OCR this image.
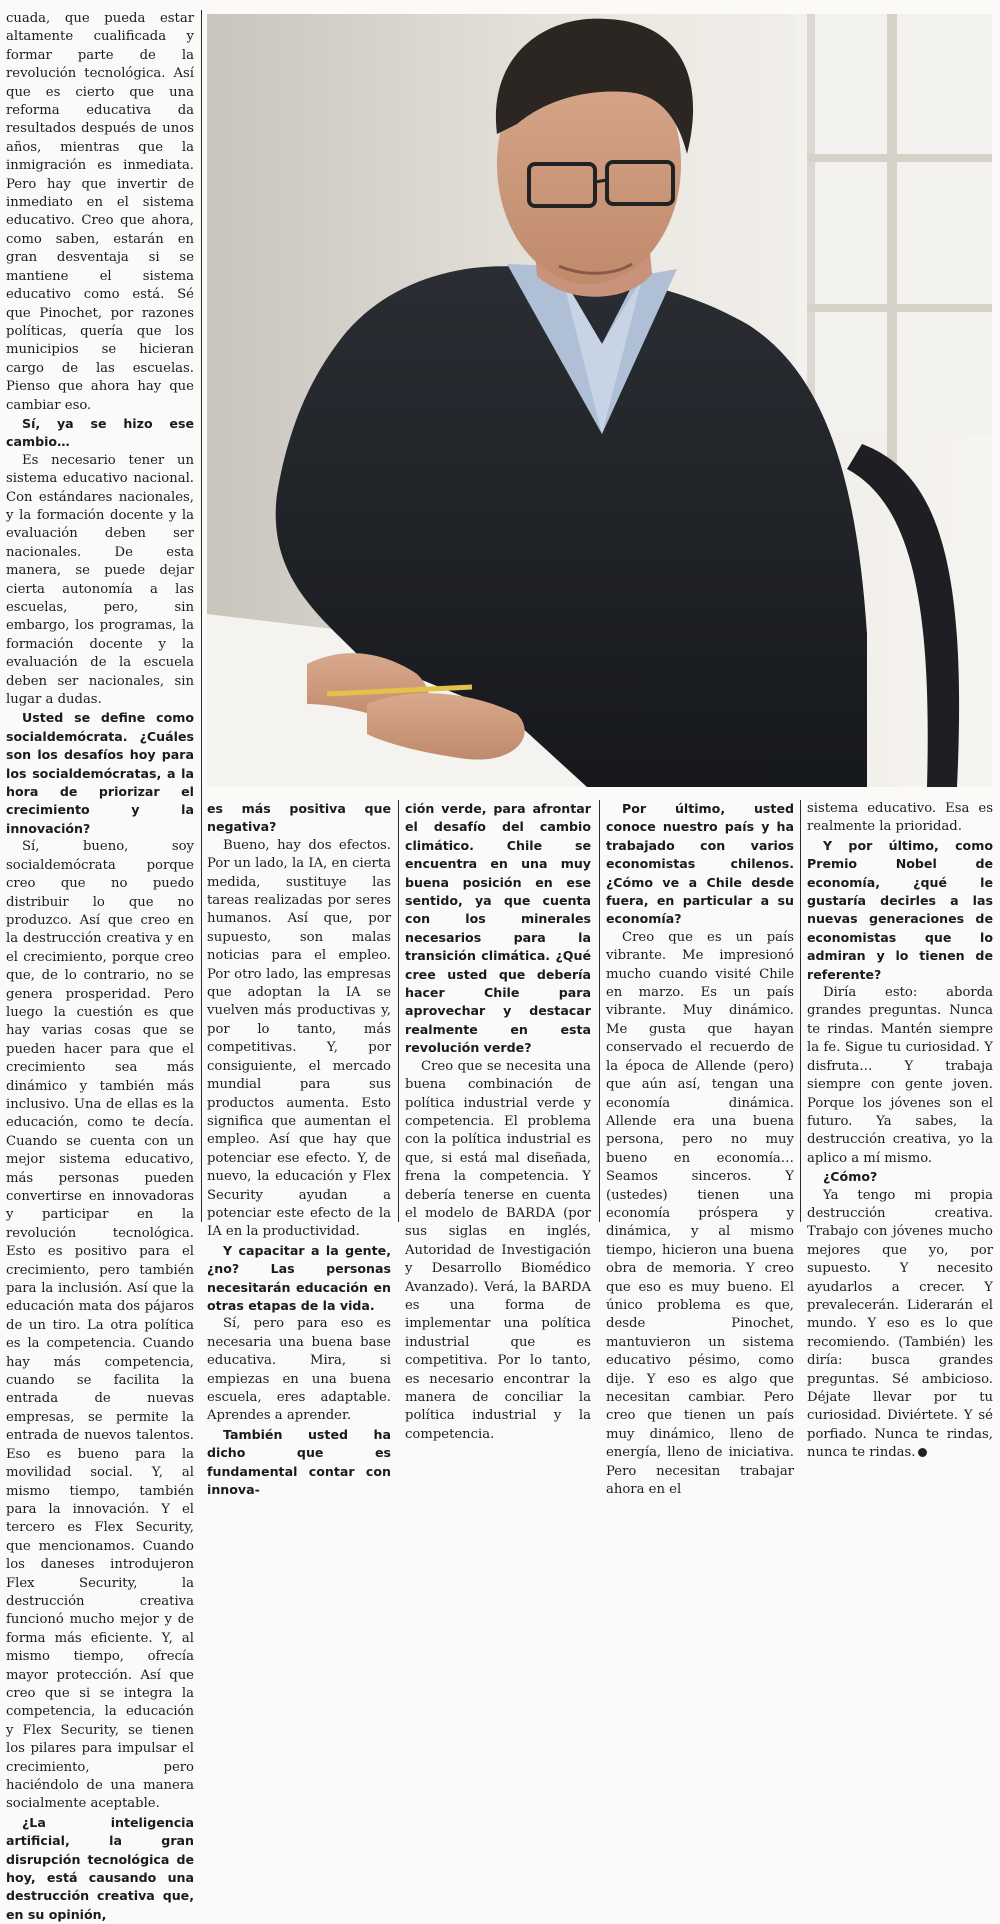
cuada, que pueda estar altamente cualificada y formar parte de la revolución tecnológica. Así que es cierto que una reforma educativa da resultados después de unos años, mientras que la inmigración es inmediata. Pero hay que invertir de inmediato en el sistema educativo. Creo que ahora, como saben, estarán en gran desventaja si se mantiene el sistema educativo como está. Sé que Pinochet, por razones políticas, quería que los municipios se hicieran cargo de las escuelas. Pienso que ahora hay que cambiar eso.

Sí, ya se hizo ese cambio…

Es necesario tener un sistema educativo nacional. Con estándares nacionales, y la formación docente y la evaluación deben ser nacionales. De esta manera, se puede dejar cierta autonomía a las escuelas, pero, sin embargo, los programas, la formación docente y la evaluación de la escuela deben ser nacionales, sin lugar a dudas.

Usted se define como socialdemócrata. ¿Cuáles son los desafíos hoy para los socialdemócratas, a la hora de priorizar el crecimiento y la innovación?

Sí, bueno, soy socialdemócrata porque creo que no puedo distribuir lo que no produzco. Así que creo en la destrucción creativa y en el crecimiento, porque creo que, de lo contrario, no se genera prosperidad. Pero luego la cuestión es que hay varias cosas que se pueden hacer para que el crecimiento sea más dinámico y también más inclusivo. Una de ellas es la educación, como te decía. Cuando se cuenta con un mejor sistema educativo, más personas pueden convertirse en innovadoras y participar en la revolución tecnológica. Esto es positivo para el crecimiento, pero también para la inclusión. Así que la educación mata dos pájaros de un tiro. La otra política es la competencia. Cuando hay más competencia, cuando se facilita la entrada de nuevas empresas, se permite la entrada de nuevos talentos. Eso es bueno para la movilidad social. Y, al mismo tiempo, también para la innovación. Y el tercero es Flex Security, que mencionamos. Cuando los daneses introdujeron Flex Security, la destrucción creativa funcionó mucho mejor y de forma más eficiente. Y, al mismo tiempo, ofrecía mayor protección. Así que creo que si se integra la competencia, la educación y Flex Security, se tienen los pilares para impulsar el crecimiento, pero haciéndolo de una manera socialmente aceptable.

¿La inteligencia artificial, la gran disrupción tecnológica de hoy, está causando una destrucción creativa que, en su opinión,

es más positiva que negativa?

Bueno, hay dos efectos. Por un lado, la IA, en cierta medida, sustituye las tareas realizadas por seres humanos. Así que, por supuesto, son malas noticias para el empleo. Por otro lado, las empresas que adoptan la IA se vuelven más productivas y, por lo tanto, más competitivas. Y, por consiguiente, el mercado mundial para sus productos aumenta. Esto significa que aumentan el empleo. Así que hay que potenciar ese efecto. Y, de nuevo, la educación y Flex Security ayudan a potenciar este efecto de la IA en la productividad.

Y capacitar a la gente, ¿no? Las personas necesitarán educación en otras etapas de la vida.

Sí, pero para eso es necesaria una buena base educativa. Mira, si empiezas en una buena escuela, eres adaptable. Aprendes a aprender.

También usted ha dicho que es fundamental contar con innova-

ción verde, para afrontar el desafío del cambio climático. Chile se encuentra en una muy buena posición en ese sentido, ya que cuenta con los minerales necesarios para la transición climática. ¿Qué cree usted que debería hacer Chile para aprovechar y destacar realmente en esta revolución verde?

Creo que se necesita una buena combinación de política industrial verde y competencia. El problema con la política industrial es que, si está mal diseñada, frena la competencia. Y debería tenerse en cuenta el modelo de BARDA (por sus siglas en inglés, Autoridad de Investigación y Desarrollo Biomédico Avanzado). Verá, la BARDA es una forma de implementar una política industrial que es competitiva. Por lo tanto, es necesario encontrar la manera de conciliar la política industrial y la competencia.

Por último, usted conoce nuestro país y ha trabajado con varios economistas chilenos. ¿Cómo ve a Chile desde fuera, en particular a su economía?

Creo que es un país vibrante. Me impresionó mucho cuando visité Chile en marzo. Es un país vibrante. Muy dinámico. Me gusta que hayan conservado el recuerdo de la época de Allende (pero) que aún así, tengan una economía dinámica. Allende era una buena persona, pero no muy bueno en economía… Seamos sinceros. Y (ustedes) tienen una economía próspera y dinámica, y al mismo tiempo, hicieron una buena obra de memoria. Y creo que eso es muy bueno. El único problema es que, desde Pinochet, mantuvieron un sistema educativo pésimo, como dije. Y eso es algo que necesitan cambiar. Pero creo que tienen un país muy dinámico, lleno de energía, lleno de iniciativa. Pero necesitan trabajar ahora en el

sistema educativo. Esa es realmente la prioridad.

Y por último, como Premio Nobel de economía, ¿qué le gustaría decirles a las nuevas generaciones de economistas que lo admiran y lo tienen de referente?

Diría esto: aborda grandes preguntas. Nunca te rindas. Mantén siempre la fe. Sigue tu curiosidad. Y disfruta… Y trabaja siempre con gente joven. Porque los jóvenes son el futuro. Ya sabes, la destrucción creativa, yo la aplico a mí mismo.

¿Cómo?

Ya tengo mi propia destrucción creativa. Trabajo con jóvenes mucho mejores que yo, por supuesto. Y necesito ayudarlos a crecer. Y prevalecerán. Liderarán el mundo. Y eso es lo que recomiendo. (También) les diría: busca grandes preguntas. Sé ambicioso. Déjate llevar por tu curiosidad. Diviértete. Y sé porfiado. Nunca te rindas, nunca te rindas.
